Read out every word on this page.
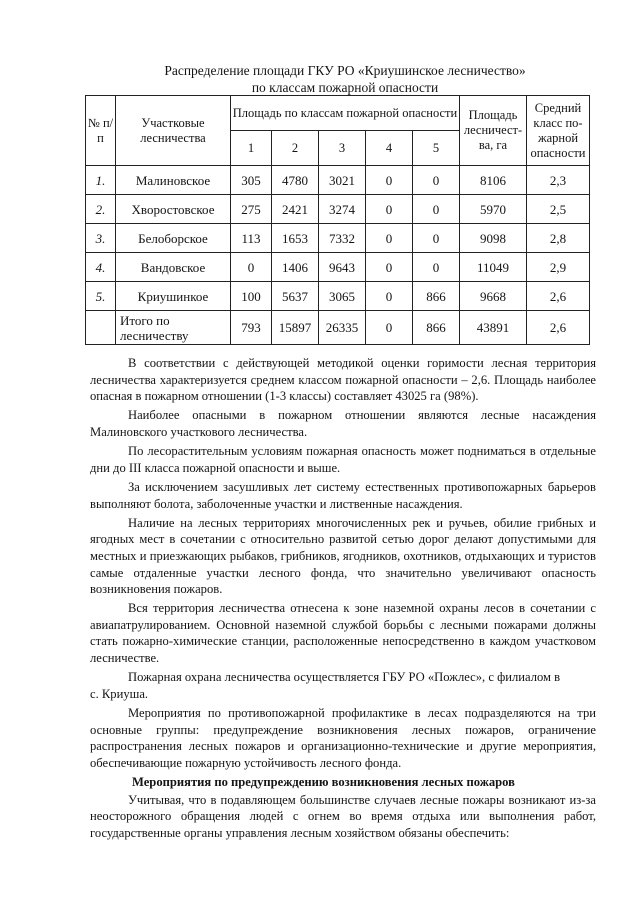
Распределение площади ГКУ РО «Криушинское лесничество»
по классам пожарной опасности
№ п/п	Участковые лесничества	Площадь по классам пожарной опасности					Площадь лесничест-ва, га	Средний класс по-жарной опасности
		1	2	3	4	5		
1.	Малиновское	305	4780	3021	0	0	8106	2,3
2.	Хворостовское	275	2421	3274	0	0	5970	2,5
3.	Белоборское	113	1653	7332	0	0	9098	2,8
4.	Вандовское	0	1406	9643	0	0	11049	2,9
5.	Криушинкое	100	5637	3065	0	866	9668	2,6
	Итого по лесничеству	793	15897	26335	0	866	43891	2,6

В соответствии с действующей методикой оценки горимости лесная территория лесничества характеризуется среднем классом пожарной опасности – 2,6. Площадь наиболее опасная в пожарном отношении (1-3 классы) составляет 43025 га (98%).

Наиболее опасными в пожарном отношении являются лесные насаждения Малиновского участкового лесничества.

По лесорастительным условиям пожарная опасность может подниматься в отдельные дни до III класса пожарной опасности и выше.

За исключением засушливых лет систему естественных противопожарных барьеров выполняют болота, заболоченные участки и лиственные насаждения.

Наличие на лесных территориях многочисленных рек и ручьев, обилие грибных и ягодных мест в сочетании с относительно развитой сетью дорог делают допустимыми для местных и приезжающих рыбаков, грибников, ягодников, охотников, отдыхающих и туристов самые отдаленные участки лесного фонда, что значительно увеличивают опасность возникновения пожаров.

Вся территория лесничества отнесена к зоне наземной охраны лесов в сочетании с авиапатрулированием. Основной наземной службой борьбы с лесными пожарами должны стать пожарно-химические станции, расположенные непосредственно в каждом участковом лесничестве.

Пожарная охрана лесничества осуществляется ГБУ РО «Пожлес», с филиалом в

с. Криуша.

Мероприятия по противопожарной профилактике в лесах подразделяются на три основные группы: предупреждение возникновения лесных пожаров, ограничение распространения лесных пожаров и организационно-технические и другие мероприятия, обеспечивающие пожарную устойчивость лесного фонда.

Мероприятия по предупреждению возникновения лесных пожаров

Учитывая, что в подавляющем большинстве случаев лесные пожары возникают из-за неосторожного обращения людей с огнем во время отдыха или выполнения работ, государственные органы управления лесным хозяйством обязаны обеспечить:
